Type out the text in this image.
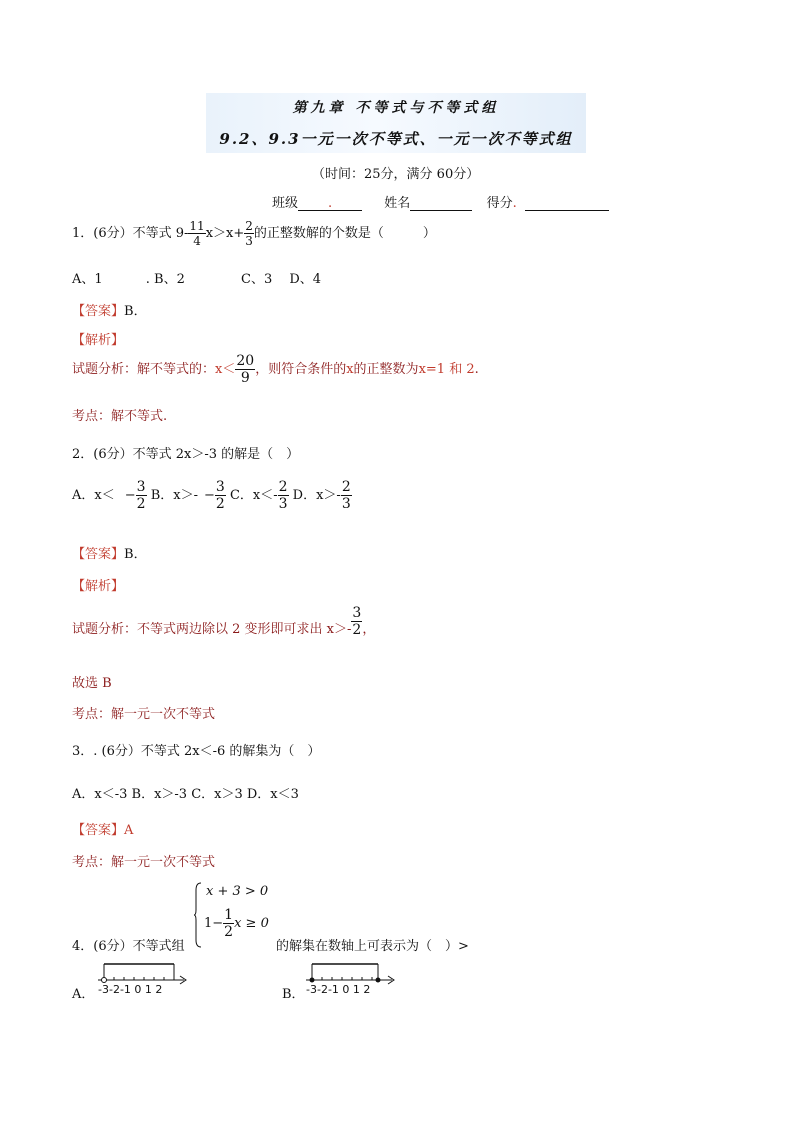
第九章 不等式与不等式组
9.2、9.3一元一次不等式、一元一次不等式组
（时间：25分，满分 60分）
班级 .	姓名	得分.
1．(6分）不等式 $9- \frac{11}{4} x>x+ \frac{2}{3}$ 的正整数解的个数是（　　　）
A、1　　　 . B、2　　　　 C、3　 D、4
【答案】B．
【解析】
试题分析：解不等式的：$x< \frac{20}{9}$ ，则符合条件的x的正整数为x=1 和 2.
考点：解不等式.
2．(6分）不等式 2x＞-3 的解是（　）
A．$x< - \frac{3}{2}$ B．$x>- - \frac{3}{2}$ C．$x<- \frac{2}{3}$ D．$x>- \frac{2}{3}$
【答案】B．
【解析】
试题分析：不等式两边除以 2 变形即可求出 $x>- \frac{3}{2}$ ，
故选 B
考点：解一元一次不等式
3．. (6分）不等式 2x＜-6 的解集为（　）
A．x＜-3 B．x＞-3 C．x＞3 D．x＜3
【答案】A
考点：解一元一次不等式
x + 3 > 0
$1- \frac{1}{2}$ x ≥ 0
4．(6分）不等式组	的解集在数轴上可表示为（　）>
A． -3-2-1 0 1 2	B． -3-2-1 0 1 2
